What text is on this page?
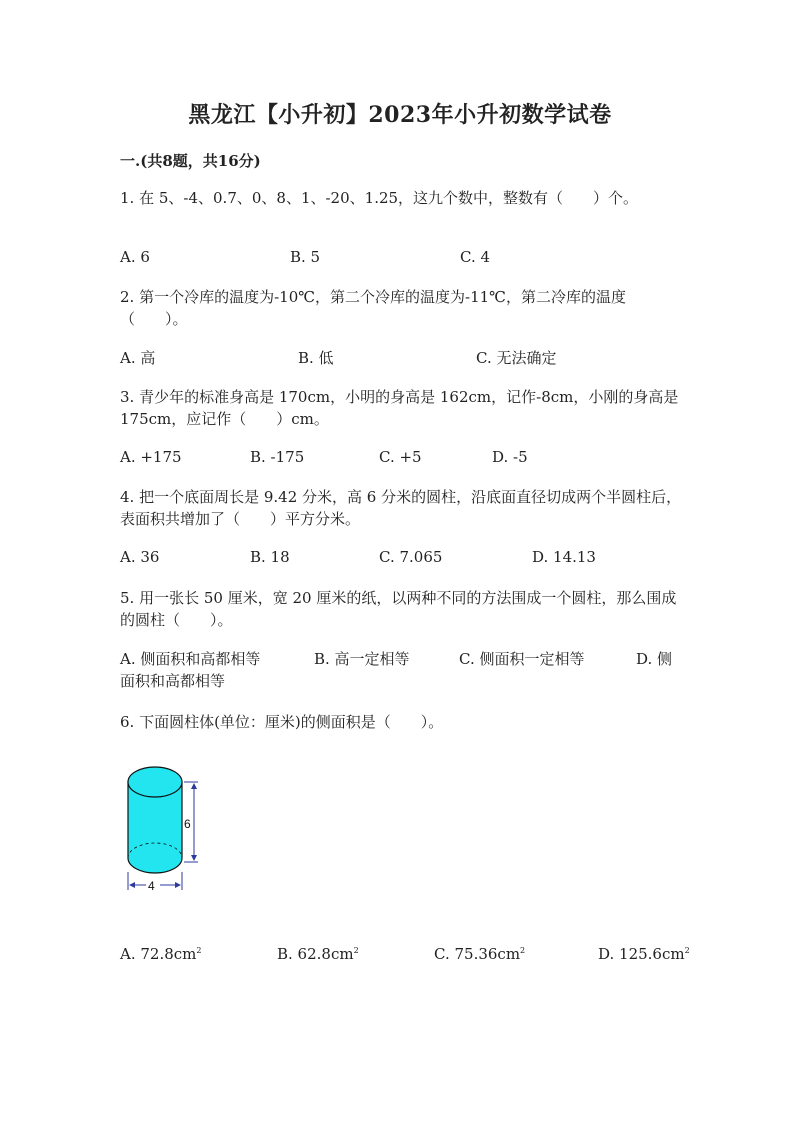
黑龙江【小升初】2023年小升初数学试卷
一.(共8题，共16分)
1. 在 5、-4、0.7、0、8、1、-20、1.25，这九个数中，整数有（　　）个。
A. 6	B. 5	C. 4
2. 第一个冷库的温度为-10℃，第二个冷库的温度为-11℃，第二冷库的温度（　　）。
A. 高	B. 低	C. 无法确定
3. 青少年的标准身高是 170cm，小明的身高是 162cm，记作-8cm，小刚的身高是175cm，应记作（　　）cm。
A. +175	B. -175	C. +5	D. -5
4. 把一个底面周长是 9.42 分米，高 6 分米的圆柱，沿底面直径切成两个半圆柱后，表面积共增加了（　　）平方分米。
A. 36	B. 18	C. 7.065	D. 14.13
5. 用一张长 50 厘米，宽 20 厘米的纸，以两种不同的方法围成一个圆柱，那么围成的圆柱（　　）。
A. 侧面积和高都相等	B. 高一定相等	C. 侧面积一定相等	D. 侧
面积和高都相等
6. 下面圆柱体(单位：厘米)的侧面积是（　　）。
6
4
A. $72.8cm^2$	B. $62.8cm^2$	C. $75.36cm^2$	D. $125.6cm^2$
